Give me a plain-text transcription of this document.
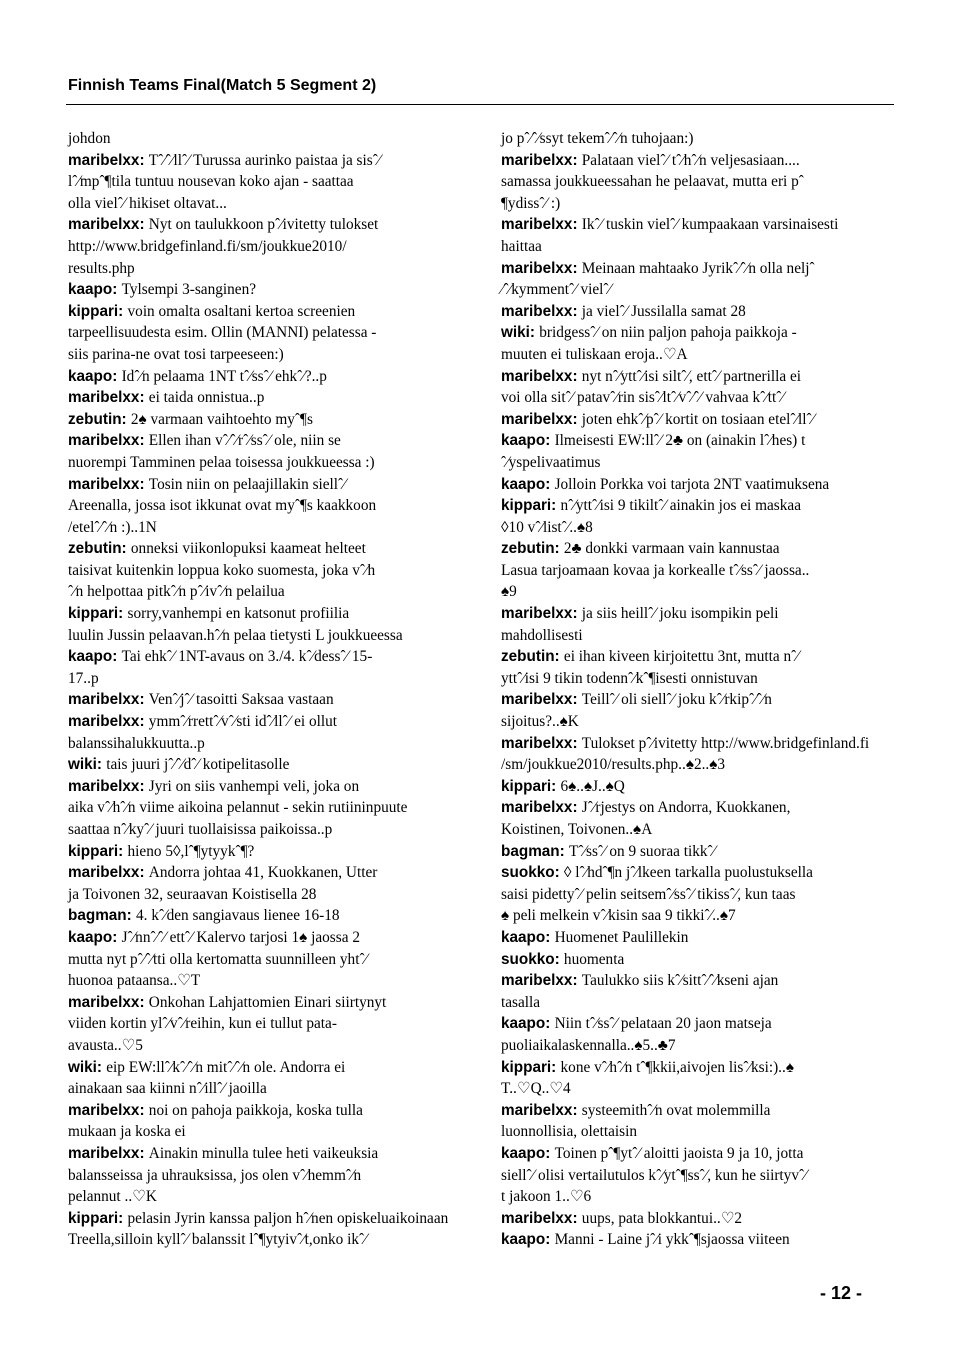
Finnish Teams Final(Match 5 Segment 2)
johdon
maribelxx: Tˆ⁄ˆ⁄llˆ⁄ Turussa aurinko paistaa ja sisˆ⁄
lˆ⁄mpˆ¶tila tuntuu nousevan koko ajan - saattaa
olla vielˆ⁄ hikiset oltavat...
maribelxx: Nyt on taulukkoon pˆ⁄ivitetty tulokset
http://www.bridgefinland.fi/sm/joukkue2010/
results.php
kaapo: Tylsempi 3-sanginen?
kippari: voin omalta osaltani kertoa screenien
tarpeellisuudesta esim. Ollin (MANNI) pelatessa -
siis parina-ne ovat tosi tarpeeseen:)
kaapo: Idˆ⁄n pelaama 1NT tˆ⁄ssˆ⁄ ehkˆ⁄?..p
maribelxx: ei taida onnistua..p
zebutin: 2♠ varmaan vaihtoehto myˆ¶s
maribelxx: Ellen ihan vˆ⁄ˆ⁄rˆ⁄ssˆ⁄ ole, niin se
nuorempi Tamminen pelaa toisessa joukkueessa :)
maribelxx: Tosin niin on pelaajillakin siellˆ⁄
Areenalla, jossa isot ikkunat ovat myˆ¶s kaakkoon
/etelˆ⁄ˆ⁄n :)..1N
zebutin: onneksi viikonlopuksi kaameat helteet
taisivat kuitenkin loppua koko suomesta, joka vˆ⁄h
ˆ⁄n helpottaa pitkˆ⁄n pˆ⁄ivˆ⁄n pelailua
kippari: sorry,vanhempi en katsonut profiilia
luulin Jussin pelaavan.hˆ⁄n pelaa tietysti L joukkueessa
kaapo: Tai ehkˆ⁄ 1NT-avaus on 3./4. kˆ⁄dessˆ⁄ 15-
17..p
maribelxx: Venˆ⁄jˆ⁄ tasoitti Saksaa vastaan
maribelxx: ymmˆ⁄rrettˆ⁄vˆ⁄sti idˆ⁄llˆ⁄ ei ollut
balanssihalukkuutta..p
wiki: tais juuri jˆ⁄ˆ⁄dˆ⁄ kotipelitasolle
maribelxx: Jyri on siis vanhempi veli, joka on
aika vˆ⁄hˆ⁄n viime aikoina pelannut - sekin rutiininpuute
saattaa nˆ⁄kyˆ⁄ juuri tuollaisissa paikoissa..p
kippari: hieno 5◊,lˆ¶ytyykˆ¶?
maribelxx: Andorra johtaa 41, Kuokkanen, Utter
ja Toivonen 32, seuraavan Koistisella 28
bagman: 4. kˆ⁄den sangiavaus lienee 16-18
kaapo: Jˆ⁄nnˆ⁄ˆ⁄ ettˆ⁄ Kalervo tarjosi 1♠ jaossa 2
mutta nyt pˆ⁄ˆ⁄tti olla kertomatta suunnilleen yhtˆ⁄
huonoa pataansa..♡T
maribelxx: Onkohan Lahjattomien Einari siirtynyt
viiden kortin ylˆ⁄vˆ⁄reihin, kun ei tullut pata-
avausta..♡5
wiki: eip EW:llˆ⁄kˆ⁄ˆ⁄n mitˆ⁄ˆ⁄n ole. Andorra ei
ainakaan saa kiinni nˆ⁄illˆ⁄ jaoilla
maribelxx: noi on pahoja paikkoja, koska tulla
mukaan ja koska ei
maribelxx: Ainakin minulla tulee heti vaikeuksia
balansseissa ja uhrauksissa, jos olen vˆ⁄hemmˆ⁄n
pelannut ..♡K
kippari: pelasin Jyrin kanssa paljon hˆ⁄nen opiskeluaikoinaan
Treella,silloin kyllˆ⁄ balanssit lˆ¶ytyivˆ⁄t,onko ikˆ⁄
jo pˆ⁄ˆ⁄ssyt tekemˆ⁄ˆ⁄n tuhojaan:)
maribelxx: Palataan vielˆ⁄ tˆ⁄hˆ⁄n veljesasiaan....
samassa joukkueessahan he pelaavat, mutta eri pˆ
¶ydissˆ⁄ :)
maribelxx: Ikˆ⁄ tuskin vielˆ⁄ kumpaakaan varsinaisesti
haittaa
maribelxx: Meinaan mahtaako Jyrikˆ⁄ˆ⁄n olla neljˆ
⁄ˆ⁄kymmentˆ⁄ vielˆ⁄
maribelxx: ja vielˆ⁄ Jussilalla samat 28
wiki: bridgessˆ⁄ on niin paljon pahoja paikkoja -
muuten ei tuliskaan eroja..♡A
maribelxx: nyt nˆ⁄yttˆ⁄isi siltˆ⁄, ettˆ⁄ partnerilla ei
voi olla sitˆ⁄ patavˆ⁄rin sisˆ⁄ltˆ⁄vˆ⁄ˆ⁄ vahvaa kˆ⁄ttˆ⁄
maribelxx: joten ehkˆ⁄pˆ⁄ kortit on tosiaan etelˆ⁄llˆ⁄
kaapo: Ilmeisesti EW:llˆ⁄ 2♣ on (ainakin lˆ⁄hes) t
ˆ⁄yspelivaatimus
kaapo: Jolloin Porkka voi tarjota 2NT vaatimuksena
kippari: nˆ⁄yttˆ⁄isi 9 tikiltˆ⁄ ainakin jos ei maskaa
◊10 vˆ⁄listˆ⁄..♠8
zebutin: 2♣ donkki varmaan vain kannustaa
Lasua tarjoamaan kovaa ja korkealle tˆ⁄ssˆ⁄ jaossa..
♠9
maribelxx: ja siis heillˆ⁄ joku isompikin peli
mahdollisesti
zebutin: ei ihan kiveen kirjoitettu 3nt, mutta nˆ⁄
yttˆ⁄isi 9 tikin todennˆ⁄kˆ¶isesti onnistuvan
maribelxx: Teillˆ⁄ oli siellˆ⁄ joku kˆ⁄rkipˆ⁄ˆ⁄n
sijoitus?..♠K
maribelxx: Tulokset pˆ⁄ivitetty http://www.bridgefinland.fi
/sm/joukkue2010/results.php..♠2..♠3
kippari: 6♠..♠J..♠Q
maribelxx: Jˆ⁄rjestys on Andorra, Kuokkanen,
Koistinen, Toivonen..♠A
bagman: Tˆ⁄ssˆ⁄ on 9 suoraa tikkˆ⁄
suokko: ◊ lˆ⁄hdˆ¶n jˆ⁄lkeen tarkalla puolustuksella
saisi pidettyˆ⁄ pelin seitsemˆ⁄ssˆ⁄ tikissˆ⁄, kun taas
♠ peli melkein vˆ⁄kisin saa 9 tikkiˆ⁄..♠7
kaapo: Huomenet Paulillekin
suokko: huomenta
maribelxx: Taulukko siis kˆ⁄sittˆ⁄ˆ⁄kseni ajan
tasalla
kaapo: Niin tˆ⁄ssˆ⁄ pelataan 20 jaon matseja
puoliaikalaskennalla..♠5..♣7
kippari: kone vˆ⁄hˆ⁄n tˆ¶kkii,aivojen lisˆ⁄ksi:)..♠
T..♡Q..♡4
maribelxx: systeemithˆ⁄n ovat molemmilla
luonnollisia, olettaisin
kaapo: Toinen pˆ¶ytˆ⁄ aloitti jaoista 9 ja 10, jotta
siellˆ⁄ olisi vertailutulos kˆ⁄ytˆ¶ssˆ⁄, kun he siirtyvˆ⁄
t jakoon 1..♡6
maribelxx: uups, pata blokkantui..♡2
kaapo: Manni - Laine jˆ⁄i ykkˆ¶sjaossa viiteen
- 12 -
